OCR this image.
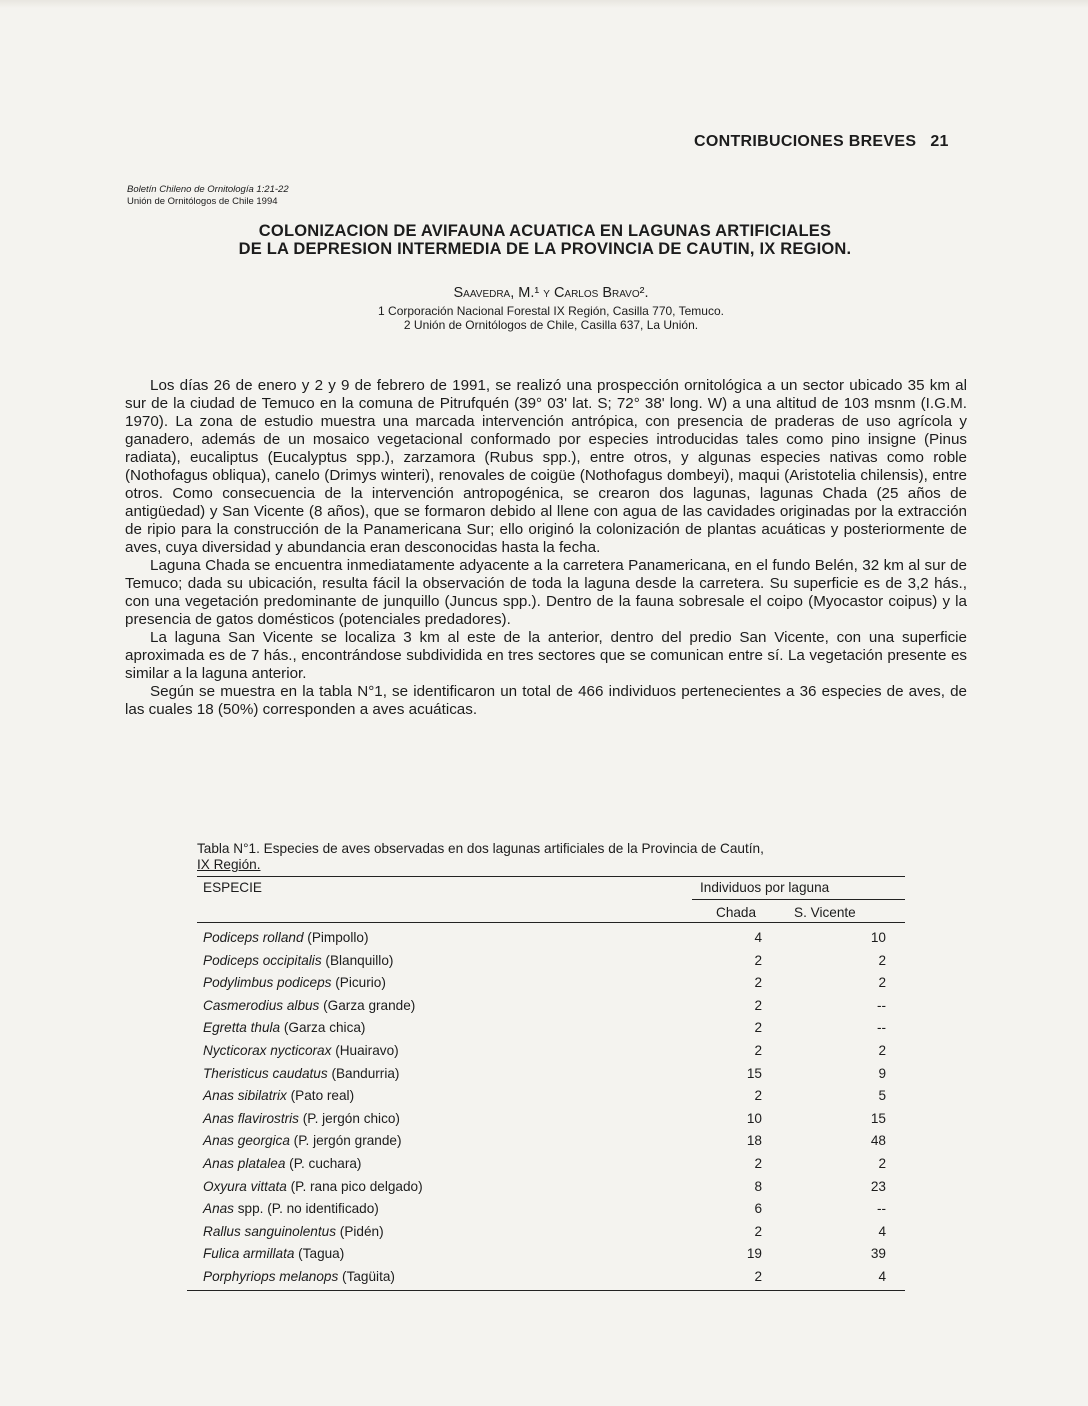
CONTRIBUCIONES BREVES 21
Boletín Chileno de Ornitología 1:21-22
Unión de Ornitólogos de Chile 1994
COLONIZACION DE AVIFAUNA ACUATICA EN LAGUNAS ARTIFICIALES
DE LA DEPRESION INTERMEDIA DE LA PROVINCIA DE CAUTIN, IX REGION.
Saavedra, M.¹ y Carlos Bravo².
1 Corporación Nacional Forestal IX Región, Casilla 770, Temuco.
2 Unión de Ornitólogos de Chile, Casilla 637, La Unión.

Los días 26 de enero y 2 y 9 de febrero de 1991, se realizó una prospección ornitológica a un sector ubicado 35 km al sur de la ciudad de Temuco en la comuna de Pitrufquén (39° 03' lat. S; 72° 38' long. W) a una altitud de 103 msnm (I.G.M. 1970). La zona de estudio muestra una marcada intervención antrópica, con presencia de praderas de uso agrícola y ganadero, además de un mosaico vegetacional conformado por especies introducidas tales como pino insigne (Pinus radiata), eucaliptus (Eucalyptus spp.), zarzamora (Rubus spp.), entre otros, y algunas especies nativas como roble (Nothofagus obliqua), canelo (Drimys winteri), renovales de coigüe (Nothofagus dombeyi), maqui (Aristotelia chilensis), entre otros. Como consecuencia de la intervención antropogénica, se crearon dos lagunas, lagunas Chada (25 años de antigüedad) y San Vicente (8 años), que se formaron debido al llene con agua de las cavidades originadas por la extracción de ripio para la construcción de la Panamericana Sur; ello originó la colonización de plantas acuáticas y posteriormente de aves, cuya diversidad y abundancia eran desconocidas hasta la fecha.

Laguna Chada se encuentra inmediatamente adyacente a la carretera Panamericana, en el fundo Belén, 32 km al sur de Temuco; dada su ubicación, resulta fácil la observación de toda la laguna desde la carretera. Su superficie es de 3,2 hás., con una vegetación predominante de junquillo (Juncus spp.). Dentro de la fauna sobresale el coipo (Myocastor coipus) y la presencia de gatos domésticos (potenciales predadores).

La laguna San Vicente se localiza 3 km al este de la anterior, dentro del predio San Vicente, con una superficie aproximada es de 7 hás., encontrándose subdividida en tres sectores que se comunican entre sí. La vegetación presente es similar a la laguna anterior.

Según se muestra en la tabla N°1, se identificaron un total de 466 individuos pertenecientes a 36 especies de aves, de las cuales 18 (50%) corresponden a aves acuáticas.

Tabla N°1. Especies de aves observadas en dos lagunas artificiales de la Provincia de Cautín,
IX Región.
ESPECIE	Individuos por laguna
Chada	S. Vicente
Podiceps rolland (Pimpollo)	4	10
Podiceps occipitalis (Blanquillo)	2	2
Podylimbus podiceps (Picurio)	2	2
Casmerodius albus (Garza grande)	2	--
Egretta thula (Garza chica)	2	--
Nycticorax nycticorax (Huairavo)	2	2
Theristicus caudatus (Bandurria)	15	9
Anas sibilatrix (Pato real)	2	5
Anas flavirostris (P. jergón chico)	10	15
Anas georgica (P. jergón grande)	18	48
Anas platalea (P. cuchara)	2	2
Oxyura vittata (P. rana pico delgado)	8	23
Anas spp. (P. no identificado)	6	--
Rallus sanguinolentus (Pidén)	2	4
Fulica armillata (Tagua)	19	39
Porphyriops melanops (Tagüita)	2	4
